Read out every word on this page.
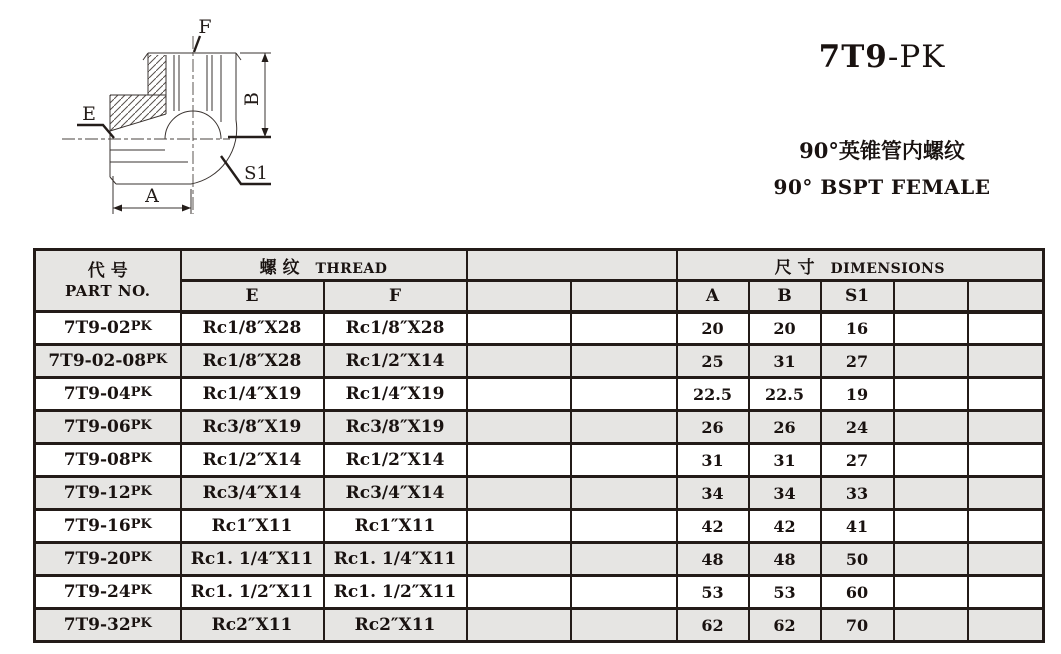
B
A
E
F
S1
7T9-PK
90°英锥管内螺纹
90° BSPT FEMALE
代 号
PART NO.	螺 纹 THREAD				尺 寸 DIMENSIONS				
	E	F			A	B	S1		
7T9-02PK	Rc1/8″X28	Rc1/8″X28			20	20	16		
7T9-02-08PK	Rc1/8″X28	Rc1/2″X14			25	31	27		
7T9-04PK	Rc1/4″X19	Rc1/4″X19			22.5	22.5	19		
7T9-06PK	Rc3/8″X19	Rc3/8″X19			26	26	24		
7T9-08PK	Rc1/2″X14	Rc1/2″X14			31	31	27		
7T9-12PK	Rc3/4″X14	Rc3/4″X14			34	34	33		
7T9-16PK	Rc1″X11	Rc1″X11			42	42	41		
7T9-20PK	Rc1. 1/4″X11	Rc1. 1/4″X11			48	48	50		
7T9-24PK	Rc1. 1/2″X11	Rc1. 1/2″X11			53	53	60		
7T9-32PK	Rc2″X11	Rc2″X11			62	62	70		
